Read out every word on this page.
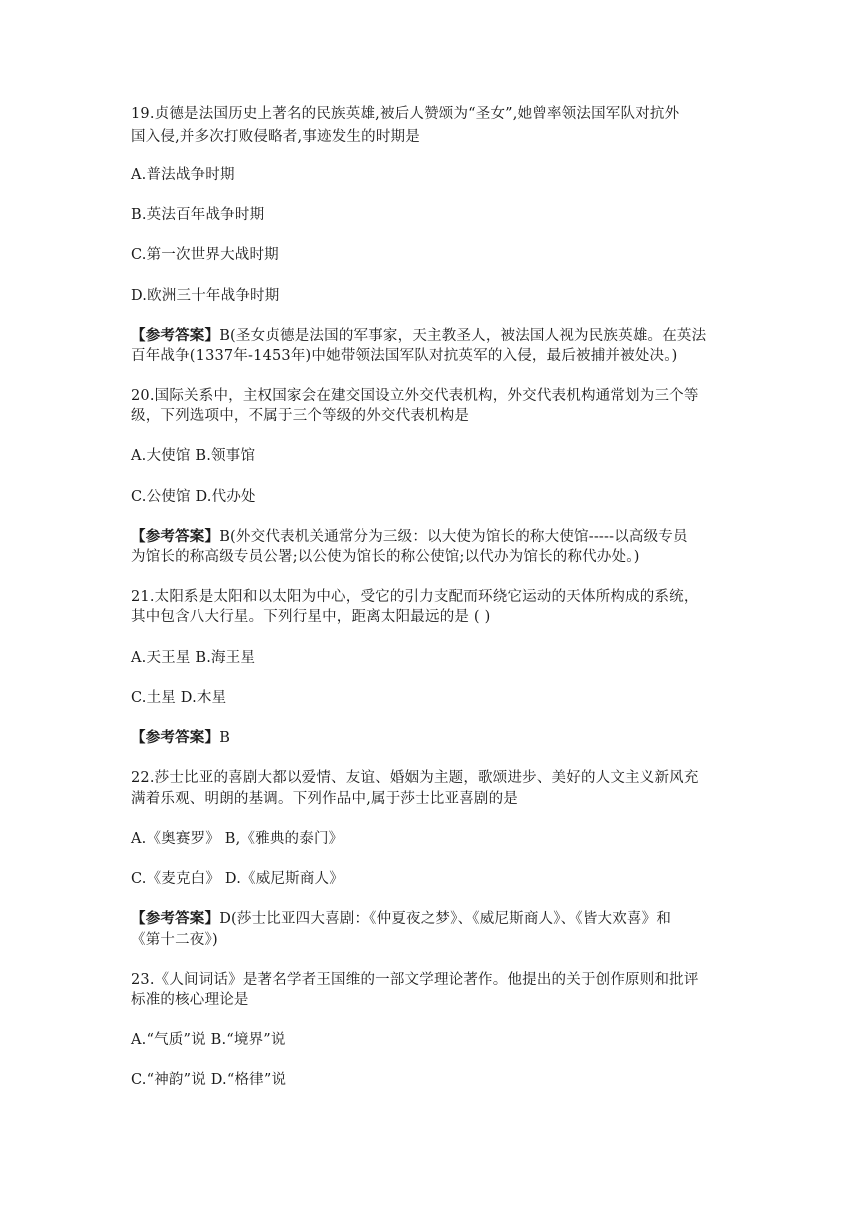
19.贞德是法国历史上著名的民族英雄,被后人赞颂为“圣女”,她曾率领法国军队对抗外
国入侵,并多次打败侵略者,事迹发生的时期是
A.普法战争时期
B.英法百年战争时期
C.第一次世界大战时期
D.欧洲三十年战争时期
【参考答案】B(圣女贞德是法国的军事家，天主教圣人，被法国人视为民族英雄。在英法
百年战争(1337年-1453年)中她带领法国军队对抗英军的入侵，最后被捕并被处决。)
20.国际关系中，主权国家会在建交国设立外交代表机构，外交代表机构通常划为三个等
级，下列选项中，不属于三个等级的外交代表机构是
A.大使馆 B.领事馆
C.公使馆 D.代办处
【参考答案】B(外交代表机关通常分为三级：以大使为馆长的称大使馆-----以高级专员
为馆长的称高级专员公署;以公使为馆长的称公使馆;以代办为馆长的称代办处。)
21.太阳系是太阳和以太阳为中心，受它的引力支配而环绕它运动的天体所构成的系统，
其中包含八大行星。下列行星中，距离太阳最远的是 ( )
A.天王星 B.海王星
C.土星 D.木星
【参考答案】B
22.莎士比亚的喜剧大都以爱情、友谊、婚姻为主题，歌颂进步、美好的人文主义新风充
满着乐观、明朗的基调。下列作品中,属于莎士比亚喜剧的是
A.《奥赛罗》 B,《雅典的泰门》
C.《麦克白》 D.《威尼斯商人》
【参考答案】D(莎士比亚四大喜剧：《仲夏夜之梦》、《威尼斯商人》、《皆大欢喜》和
《第十二夜》)
23.《人间词话》是著名学者王国维的一部文学理论著作。他提出的关于创作原则和批评
标准的核心理论是
A.“气质”说 B.“境界”说
C.“神韵”说 D.“格律”说
